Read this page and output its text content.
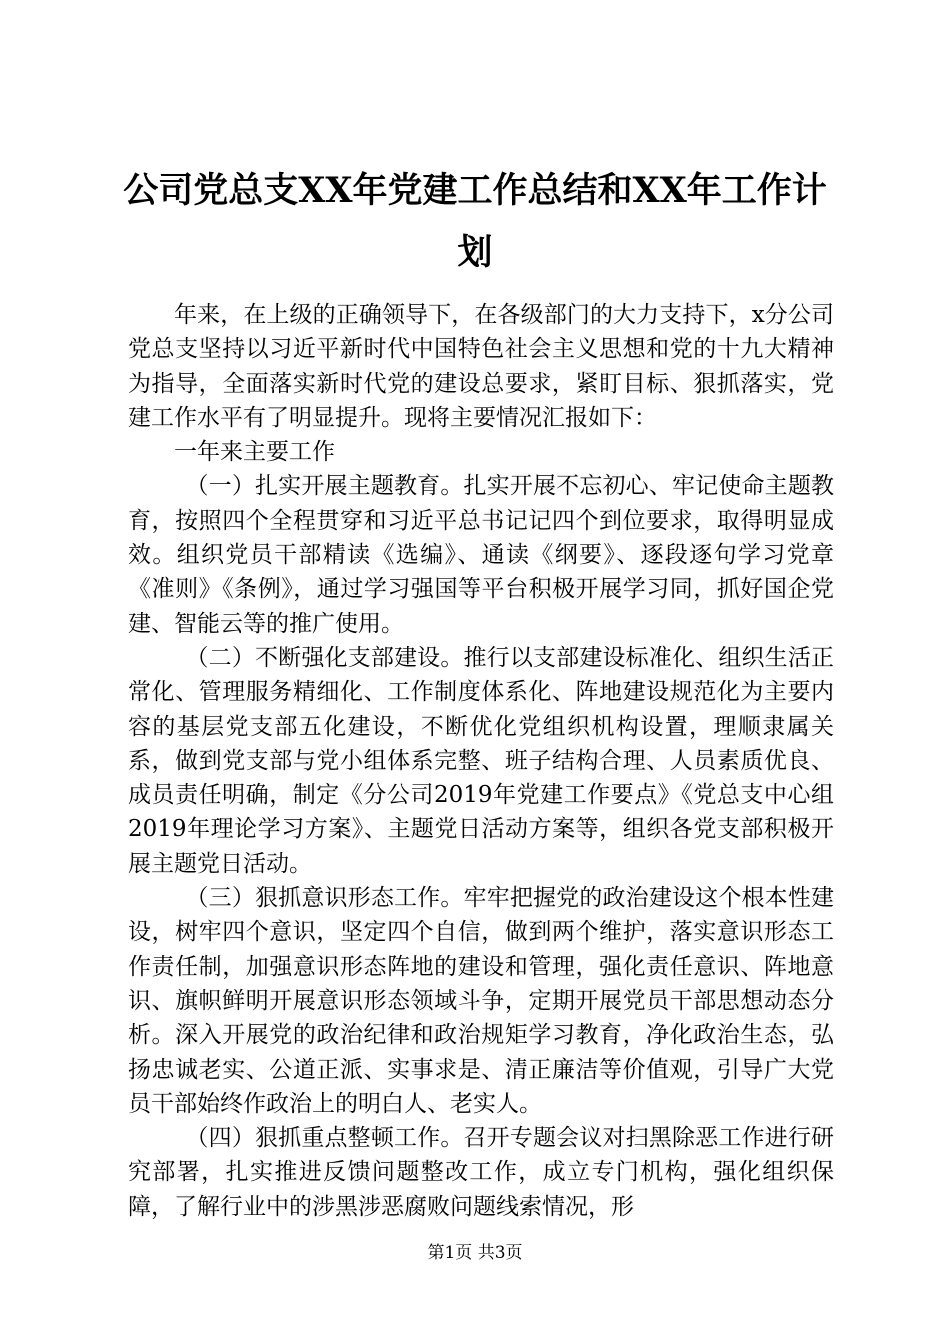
公司党总支XX年党建工作总结和XX年工作计划

年来，在上级的正确领导下，在各级部门的大力支持下，x分公司党总支坚持以习近平新时代中国特色社会主义思想和党的十九大精神为指导，全面落实新时代党的建设总要求，紧盯目标、狠抓落实，党建工作水平有了明显提升。现将主要情况汇报如下：

一年来主要工作

（一）扎实开展主题教育。扎实开展不忘初心、牢记使命主题教育，按照四个全程贯穿和习近平总书记记四个到位要求，取得明显成效。组织党员干部精读《选编》、通读《纲要》、逐段逐句学习党章《准则》《条例》，通过学习强国等平台积极开展学习同，抓好国企党建、智能云等的推广使用。

（二）不断强化支部建设。推行以支部建设标准化、组织生活正常化、管理服务精细化、工作制度体系化、阵地建设规范化为主要内容的基层党支部五化建设，不断优化党组织机构设置，理顺隶属关系，做到党支部与党小组体系完整、班子结构合理、人员素质优良、成员责任明确，制定《分公司2019年党建工作要点》《党总支中心组2019年理论学习方案》、主题党日活动方案等，组织各党支部积极开展主题党日活动。

（三）狠抓意识形态工作。牢牢把握党的政治建设这个根本性建设，树牢四个意识，坚定四个自信，做到两个维护，落实意识形态工作责任制，加强意识形态阵地的建设和管理，强化责任意识、阵地意识、旗帜鲜明开展意识形态领域斗争，定期开展党员干部思想动态分析。深入开展党的政治纪律和政治规矩学习教育，净化政治生态，弘扬忠诚老实、公道正派、实事求是、清正廉洁等价值观，引导广大党员干部始终作政治上的明白人、老实人。

（四）狠抓重点整顿工作。召开专题会议对扫黑除恶工作进行研究部署，扎实推进反馈问题整改工作，成立专门机构，强化组织保障，了解行业中的涉黑涉恶腐败问题线索情况，形

第1页 共3页
